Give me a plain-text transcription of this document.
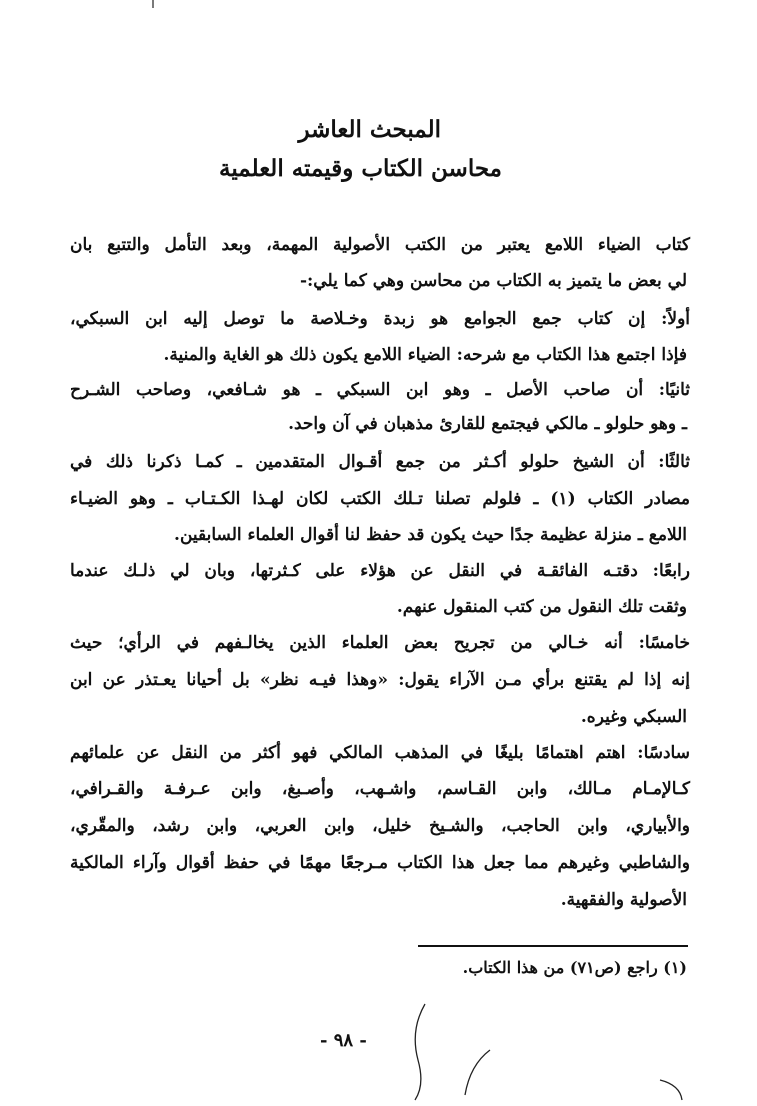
المبحث العاشر
محاسن الكتاب وقيمته العلمية
كتاب الضياء اللامع يعتبر من الكتب الأصولية المهمة، وبعد التأمل والتتبع بان
لي بعض ما يتميز به الكتاب من محاسن وهي كما يلي:-
أولاً: إن كتاب جمع الجوامع هو زبدة وخـلاصة ما توصل إليه ابن السبكي،
فإذا اجتمع هذا الكتاب مع شرحه: الضياء اللامع يكون ذلك هو الغاية والمنية.
ثانيًا: أن صاحب الأصل ـ وهو ابن السبكي ـ هو شـافعي، وصاحب الشـرح
ـ وهو حلولو ـ مالكي فيجتمع للقارئ مذهبان في آن واحد.
ثالثًا: أن الشيخ حلولو أكـثر من جمع أقـوال المتقدمين ـ كمـا ذكرنا ذلك في
مصادر الكتاب (١) ـ فلولم تصلنا تـلك الكتب لكان لهـذا الكـتـاب ـ وهو الضيـاء
اللامع ـ منزلة عظيمة جدًا حيث يكون قد حفظ لنا أقوال العلماء السابقين.
رابعًا: دقتـه الفائقـة في النقل عن هؤلاء على كـثرتها، وبان لي ذلـك عندما
وثقت تلك النقول من كتب المنقول عنهم.
خامسًا: أنه خـالي من تجريح بعض العلماء الذين يخالـفهم في الرأي؛ حيث
إنه إذا لم يقتنع برأي مـن الآراء يقول: «وهذا فيـه نظر» بل أحيانا يعـتذر عن ابن
السبكي وغيره.
سادسًا: اهتم اهتمامًا بليغًا في المذهب المالكي فهو أكثر من النقل عن علمائهم
كـالإمـام مـالك، وابن القـاسم، واشـهب، وأصـبغ، وابن عـرفـة والقـرافي،
والأبياري، وابن الحاجب، والشـيخ خليل، وابن العربي، وابن رشد، والمقّري،
والشاطبي وغيرهم مما جعل هذا الكتاب مـرجعًا مهمًا في حفظ أقوال وآراء المالكية
الأصولية والفقهية.
(١) راجع (ص٧١) من هذا الكتاب.
- ٩٨ -
